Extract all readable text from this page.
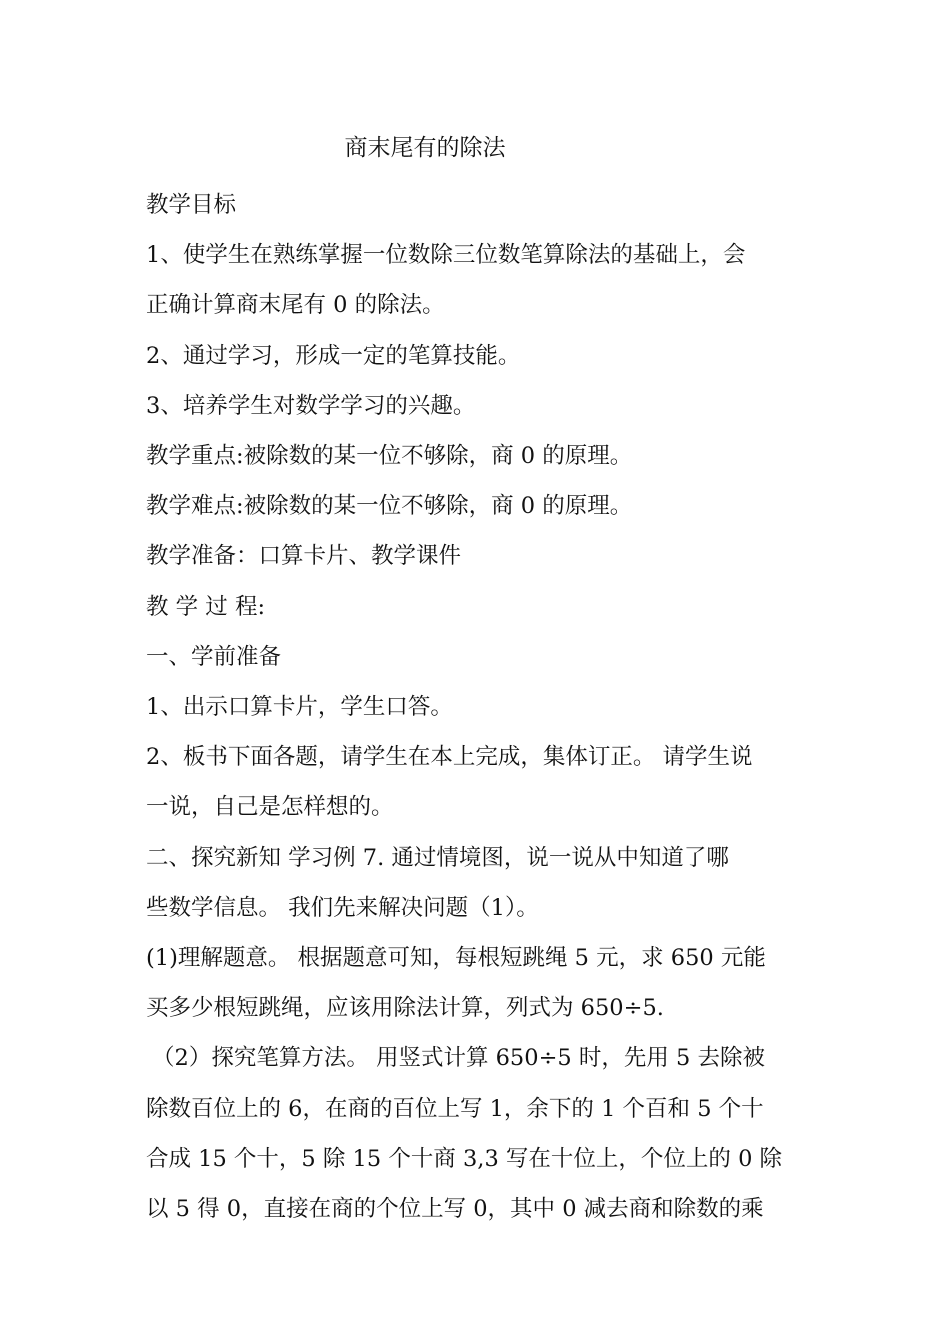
商末尾有的除法

教学目标

1、使学生在熟练掌握一位数除三位数笔算除法的基础上，会

正确计算商末尾有 0 的除法。

2、通过学习，形成一定的笔算技能。

3、培养学生对数学学习的兴趣。

教学重点:被除数的某一位不够除，商 0 的原理。

教学难点:被除数的某一位不够除，商 0 的原理。

教学准备：口算卡片、教学课件

教 学 过 程:

一、学前准备

1、出示口算卡片，学生口答。

2、板书下面各题，请学生在本上完成，集体订正。 请学生说

一说，自己是怎样想的。

二、探究新知 学习例 7. 通过情境图，说一说从中知道了哪

些数学信息。 我们先来解决问题（1）。

(1)理解题意。 根据题意可知，每根短跳绳 5 元，求 650 元能

买多少根短跳绳，应该用除法计算，列式为 650÷5.

（2）探究笔算方法。 用竖式计算 650÷5 时，先用 5 去除被

除数百位上的 6，在商的百位上写 1，余下的 1 个百和 5 个十

合成 15 个十，5 除 15 个十商 3,3 写在十位上，个位上的 0 除

以 5 得 0，直接在商的个位上写 0，其中 0 减去商和除数的乘
